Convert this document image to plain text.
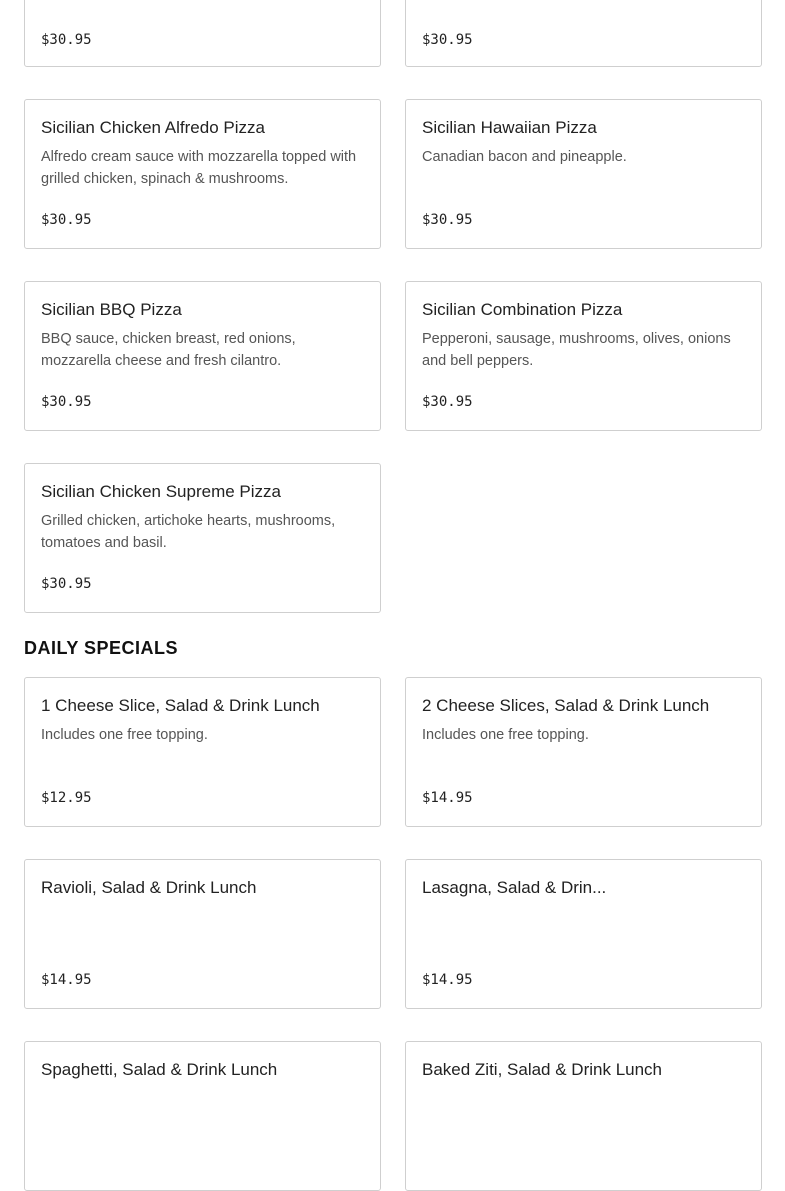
$30.95	$30.95
Sicilian Chicken Alfredo Pizza
Alfredo cream sauce with mozzarella topped with grilled chicken, spinach & mushrooms.
$30.95
Sicilian Hawaiian Pizza
Canadian bacon and pineapple.
$30.95
Sicilian BBQ Pizza
BBQ sauce, chicken breast, red onions, mozzarella cheese and fresh cilantro.
$30.95
Sicilian Combination Pizza
Pepperoni, sausage, mushrooms, olives, onions and bell peppers.
$30.95
Sicilian Chicken Supreme Pizza
Grilled chicken, artichoke hearts, mushrooms, tomatoes and basil.
$30.95
DAILY SPECIALS
1 Cheese Slice, Salad & Drink Lunch
Includes one free topping.
$12.95
2 Cheese Slices, Salad & Drink Lunch
Includes one free topping.
$14.95
Ravioli, Salad & Drink Lunch
$14.95
Lasagna, Salad & Drin...
$14.95
Spaghetti, Salad & Drink Lunch	Baked Ziti, Salad & Drink Lunch
